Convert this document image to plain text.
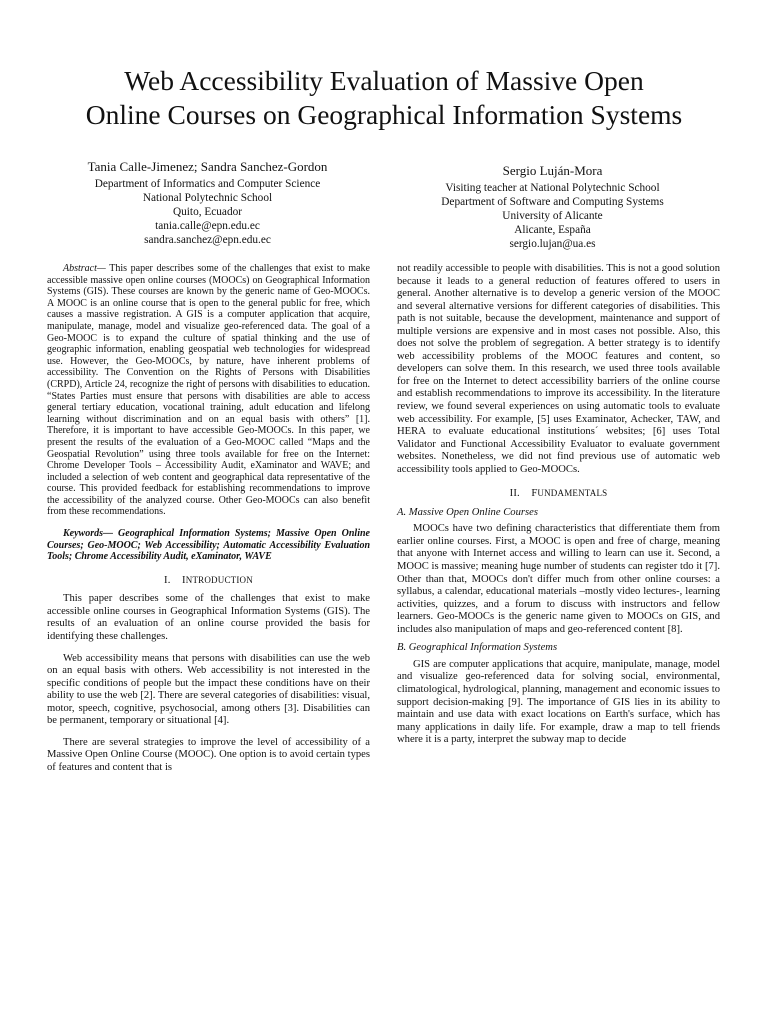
Web Accessibility Evaluation of Massive Open
Online Courses on Geographical Information Systems
Tania Calle-Jimenez; Sandra Sanchez-Gordon
Department of Informatics and Computer Science
National Polytechnic School
Quito, Ecuador
tania.calle@epn.edu.ec
sandra.sanchez@epn.edu.ec
Sergio Luján-Mora
Visiting teacher at National Polytechnic School
Department of Software and Computing Systems
University of Alicante
Alicante, España
sergio.lujan@ua.es

Abstract— This paper describes some of the challenges that exist to make accessible massive open online courses (MOOCs) on Geographical Information Systems (GIS). These courses are known by the generic name of Geo-MOOCs. A MOOC is an online course that is open to the general public for free, which causes a massive registration. A GIS is a computer application that acquire, manipulate, manage, model and visualize geo-referenced data. The goal of a Geo-MOOC is to expand the culture of spatial thinking and the use of geographic information, enabling geospatial web technologies for widespread use. However, the Geo-MOOCs, by nature, have inherent problems of accessibility. The Convention on the Rights of Persons with Disabilities (CRPD), Article 24, recognize the right of persons with disabilities to education. “States Parties must ensure that persons with disabilities are able to access general tertiary education, vocational training, adult education and lifelong learning without discrimination and on an equal basis with others” [1]. Therefore, it is important to have accessible Geo-MOOCs. In this paper, we present the results of the evaluation of a Geo-MOOC called “Maps and the Geospatial Revolution” using three tools available for free on the Internet: Chrome Developer Tools – Accessibility Audit, eXaminator and WAVE; and included a selection of web content and geographical data representative of the course. This provided feedback for establishing recommendations to improve the accessibility of the analyzed course. Other Geo-MOOCs can also benefit from these recommendations.

Keywords— Geographical Information Systems; Massive Open Online Courses; Geo-MOOC; Web Accessibility; Automatic Accessibility Evaluation Tools; Chrome Accessibility Audit, eXaminator, WAVE

I. INTRODUCTION

This paper describes some of the challenges that exist to make accessible online courses in Geographical Information Systems (GIS). The results of an evaluation of an online course provided the basis for identifying these challenges.

Web accessibility means that persons with disabilities can use the web on an equal basis with others. Web accessibility is not interested in the specific conditions of people but the impact these conditions have on their ability to use the web [2]. There are several categories of disabilities: visual, motor, speech, cognitive, psychosocial, among others [3]. Disabilities can be permanent, temporary or situational [4].

There are several strategies to improve the level of accessibility of a Massive Open Online Course (MOOC). One option is to avoid certain types of features and content that is

not readily accessible to people with disabilities. This is not a good solution because it leads to a general reduction of features offered to users in general. Another alternative is to develop a generic version of the MOOC and several alternative versions for different categories of disabilities. This path is not suitable, because the development, maintenance and support of multiple versions are expensive and in most cases not possible. Also, this does not solve the problem of segregation. A better strategy is to identify web accessibility problems of the MOOC features and content, so developers can solve them. In this research, we used three tools available for free on the Internet to detect accessibility barriers of the online course and establish recommendations to improve its accessibility. In the literature review, we found several experiences on using automatic tools to evaluate web accessibility. For example, [5] uses Examinator, Achecker, TAW, and HERA to evaluate educational institutions´ websites; [6] uses Total Validator and Functional Accessibility Evaluator to evaluate government websites. Nonetheless, we did not find previous use of automatic web accessibility tools applied to Geo-MOOCs.

II. FUNDAMENTALS

A. Massive Open Online Courses

MOOCs have two defining characteristics that differentiate them from earlier online courses. First, a MOOC is open and free of charge, meaning that anyone with Internet access and willing to learn can use it. Second, a MOOC is massive; meaning huge number of students can register tdo it [7]. Other than that, MOOCs don't differ much from other online courses: a syllabus, a calendar, educational materials –mostly video lectures-, learning activities, quizzes, and a forum to discuss with instructors and fellow learners. Geo-MOOCs is the generic name given to MOOCs on GIS, and includes also manipulation of maps and geo-referenced content [8].

B. Geographical Information Systems

GIS are computer applications that acquire, manipulate, manage, model and visualize geo-referenced data for solving social, environmental, climatological, hydrological, planning, management and economic issues to support decision-making [9]. The importance of GIS lies in its ability to maintain and use data with exact locations on Earth's surface, which has many applications in daily life. For example, draw a map to tell friends where it is a party, interpret the subway map to decide
